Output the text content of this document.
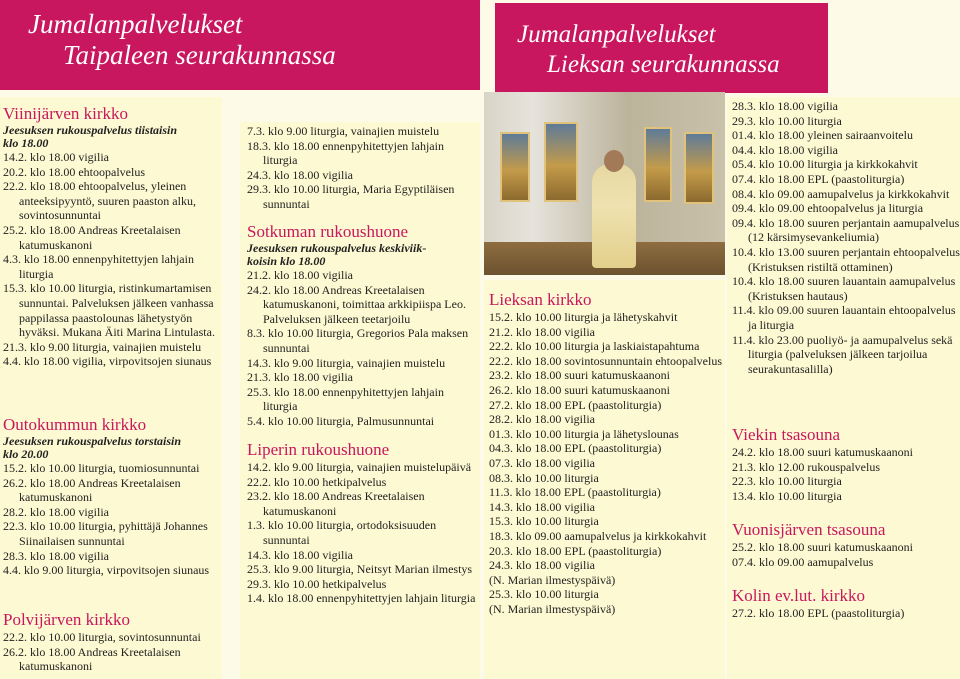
Jumalanpalvelukset
Taipaleen seurakunnassa
Jumalanpalvelukset
Lieksan seurakunnassa
Viinijärven kirkko
Jeesuksen rukouspalvelus tiistaisin
klo 18.00
14.2. klo 18.00 vigilia
20.2. klo 18.00 ehtoopalvelus
22.2. klo 18.00 ehtoopalvelus, yleinen anteeksipyyntö, suuren paaston alku, sovintosunnuntai
25.2. klo 18.00 Andreas Kreetalaisen katumuskanoni
4.3. klo 18.00 ennenpyhitettyjen lahjain liturgia
15.3. klo 10.00 liturgia, ristinkumartamisen sunnuntai. Palveluksen jälkeen vanhassa pappilassa paastolounas lähetystyön hyväksi. Mukana Äiti Marina Lintulasta.
21.3. klo 9.00 liturgia, vainajien muistelu
4.4. klo 18.00 vigilia, virpovitsojen siunaus
Outokummun kirkko
Jeesuksen rukouspalvelus torstaisin
klo 20.00
15.2. klo 10.00 liturgia, tuomiosunnuntai
26.2. klo 18.00 Andreas Kreetalaisen katumuskanoni
28.2. klo 18.00 vigilia
22.3. klo 10.00 liturgia, pyhittäjä Johannes Siinailaisen sunnuntai
28.3. klo 18.00 vigilia
4.4. klo 9.00 liturgia, virpovitsojen siunaus
Polvijärven kirkko
22.2. klo 10.00 liturgia, sovintosunnuntai
26.2. klo 18.00 Andreas Kreetalaisen katumuskanoni
7.3. klo 9.00 liturgia, vainajien muistelu
18.3. klo 18.00 ennenpyhitettyjen lahjain liturgia
24.3. klo 18.00 vigilia
29.3. klo 10.00 liturgia, Maria Egyptiläisen sunnuntai
Sotkuman rukoushuone
Jeesuksen rukouspalvelus keskiviik-
koisin klo 18.00
21.2. klo 18.00 vigilia
24.2. klo 18.00 Andreas Kreetalaisen katumuskanoni, toimittaa arkkipiispa Leo. Palveluksen jälkeen teetarjoilu
8.3. klo 10.00 liturgia, Gregorios Pala maksen sunnuntai
14.3. klo 9.00 liturgia, vainajien muistelu
21.3. klo 18.00 vigilia
25.3. klo 18.00 ennenpyhitettyjen lahjain liturgia
5.4. klo 10.00 liturgia, Palmusunnuntai
Liperin rukoushuone
14.2. klo 9.00 liturgia, vainajien muistelupäivä
22.2. klo 10.00 hetkipalvelus
23.2. klo 18.00 Andreas Kreetalaisen katumuskanoni
1.3. klo 10.00 liturgia, ortodoksisuuden sunnuntai
14.3. klo 18.00 vigilia
25.3. klo 9.00 liturgia, Neitsyt Marian ilmestys
29.3. klo 10.00 hetkipalvelus
1.4. klo 18.00 ennenpyhitettyjen lahjain liturgia
Lieksan kirkko
15.2. klo 10.00 liturgia ja lähetyskahvit
21.2. klo 18.00 vigilia
22.2. klo 10.00 liturgia ja laskiaistapahtuma
22.2. klo 18.00 sovintosunnuntain ehtoopalvelus
23.2. klo 18.00 suuri katumuskaanoni
26.2. klo 18.00 suuri katumuskaanoni
27.2. klo 18.00 EPL (paastoliturgia)
28.2. klo 18.00 vigilia
01.3. klo 10.00 liturgia ja lähetyslounas
04.3. klo 18.00 EPL (paastoliturgia)
07.3. klo 18.00 vigilia
08.3. klo 10.00 liturgia
11.3. klo 18.00 EPL (paastoliturgia)
14.3. klo 18.00 vigilia
15.3. klo 10.00 liturgia
18.3. klo 09.00 aamupalvelus ja kirkkokahvit
20.3. klo 18.00 EPL (paastoliturgia)
24.3. klo 18.00 vigilia
(N. Marian ilmestyspäivä)
25.3. klo 10.00 liturgia
(N. Marian ilmestyspäivä)
28.3. klo 18.00 vigilia
29.3. klo 10.00 liturgia
01.4. klo 18.00 yleinen sairaanvoitelu
04.4. klo 18.00 vigilia
05.4. klo 10.00 liturgia ja kirkkokahvit
07.4. klo 18.00 EPL (paastoliturgia)
08.4. klo 09.00 aamupalvelus ja kirkkokahvit
09.4. klo 09.00 ehtoopalvelus ja liturgia
09.4. klo 18.00 suuren perjantain aamupalvelus (12 kärsimysevankeliumia)
10.4. klo 13.00 suuren perjantain ehtoopalvelus (Kristuksen ristiltä ottaminen)
10.4. klo 18.00 suuren lauantain aamupalvelus (Kristuksen hautaus)
11.4. klo 09.00 suuren lauantain ehtoopalvelus ja liturgia
11.4. klo 23.00 puoliyö- ja aamupalvelus sekä liturgia (palveluksen jälkeen tarjoilua seurakuntasalilla)
Viekin tsasouna
24.2. klo 18.00 suuri katumuskaanoni
21.3. klo 12.00 rukouspalvelus
22.3. klo 10.00 liturgia
13.4. klo 10.00 liturgia
Vuonisjärven tsasouna
25.2. klo 18.00 suuri katumuskaanoni
07.4. klo 09.00 aamupalvelus
Kolin ev.lut. kirkko
27.2. klo 18.00 EPL (paastoliturgia)
